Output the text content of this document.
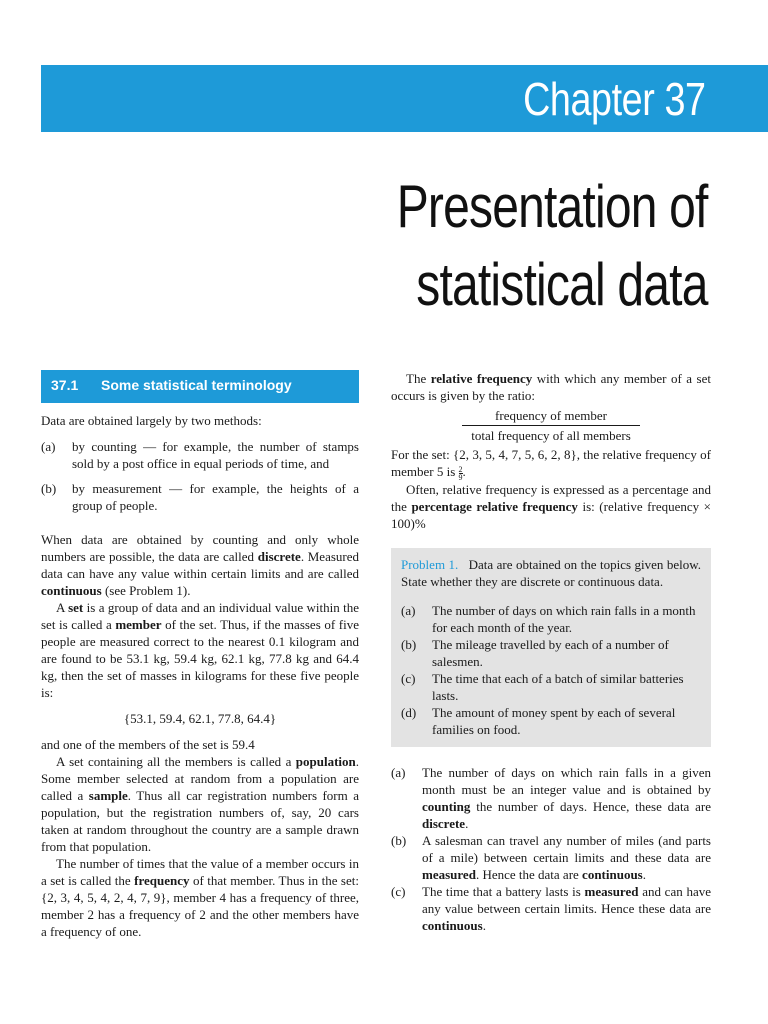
Chapter 37
Presentation of
statistical data
37.1 Some statistical terminology

Data are obtained largely by two methods:

(a)	by counting — for example, the number of stamps sold by a post office in equal periods of time, and
(b)	by measurement — for example, the heights of a group of people.

When data are obtained by counting and only whole numbers are possible, the data are called discrete. Measured data can have any value within certain limits and are called continuous (see Problem 1).

A set is a group of data and an individual value within the set is called a member of the set. Thus, if the masses of five people are measured correct to the nearest 0.1 kilogram and are found to be 53.1 kg, 59.4 kg, 62.1 kg, 77.8 kg and 64.4 kg, then the set of masses in kilograms for these five people is:

{53.1, 59.4, 62.1, 77.8, 64.4}

and one of the members of the set is 59.4

A set containing all the members is called a population. Some member selected at random from a population are called a sample. Thus all car registration numbers form a population, but the registration numbers of, say, 20 cars taken at random throughout the country are a sample drawn from that population.

The number of times that the value of a member occurs in a set is called the frequency of that member. Thus in the set: {2, 3, 4, 5, 4, 2, 4, 7, 9}, member 4 has a frequency of three, member 2 has a frequency of 2 and the other members have a frequency of one.

The relative frequency with which any member of a set occurs is given by the ratio:

frequency of member
total frequency of all members

For the set: {2, 3, 5, 4, 7, 5, 6, 2, 8}, the relative frequency of member 5 is $\frac{2}{9}$ .

Often, relative frequency is expressed as a percentage and the percentage relative frequency is: (relative frequency × 100)%

Problem 1. Data are obtained on the topics given below. State whether they are discrete or continuous data.

(a)	The number of days on which rain falls in a month for each month of the year.
(b)	The mileage travelled by each of a number of salesmen.
(c)	The time that each of a batch of similar batteries lasts.
(d)	The amount of money spent by each of several families on food.
(a)	The number of days on which rain falls in a given month must be an integer value and is obtained by counting the number of days. Hence, these data are discrete.
(b)	A salesman can travel any number of miles (and parts of a mile) between certain limits and these data are measured. Hence the data are continuous.
(c)	The time that a battery lasts is measured and can have any value between certain limits. Hence these data are continuous.
